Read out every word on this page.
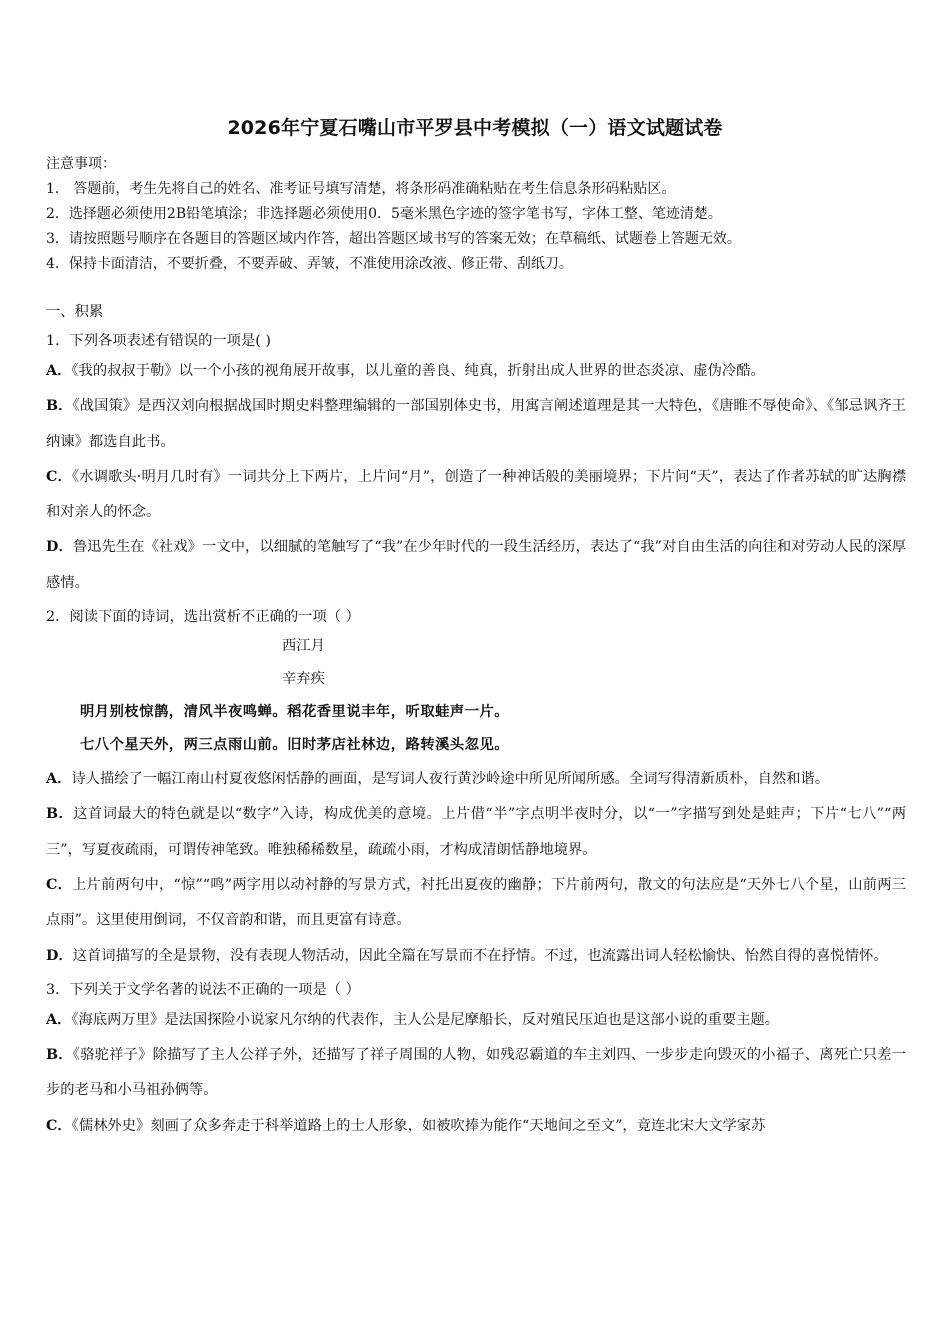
2026年宁夏石嘴山市平罗县中考模拟（一）语文试题试卷
注意事项：
1． 答题前，考生先将自己的姓名、准考证号填写清楚，将条形码准确粘贴在考生信息条形码粘贴区。
2．选择题必须使用2B铅笔填涂；非选择题必须使用0．5毫米黑色字迹的签字笔书写，字体工整、笔迹清楚。
3．请按照题号顺序在各题目的答题区域内作答，超出答题区域书写的答案无效；在草稿纸、试题卷上答题无效。
4．保持卡面清洁，不要折叠，不要弄破、弄皱，不准使用涂改液、修正带、刮纸刀。
一、积累
1．下列各项表述有错误的一项是( )
A．《我的叔叔于勒》以一个小孩的视角展开故事，以儿童的善良、纯真，折射出成人世界的世态炎凉、虚伪冷酷。
B．《战国策》是西汉刘向根据战国时期史料整理编辑的一部国别体史书，用寓言阐述道理是其一大特色，《唐睢不辱使命》、《邹忌讽齐王纳谏》都选自此书。
C．《水调歌头·明月几时有》一词共分上下两片，上片问“月”，创造了一种神话般的美丽境界；下片问“天”，表达了作者苏轼的旷达胸襟和对亲人的怀念。
D．鲁迅先生在《社戏》一文中，以细腻的笔触写了“我”在少年时代的一段生活经历，表达了“我”对自由生活的向往和对劳动人民的深厚感情。
2．阅读下面的诗词，选出赏析不正确的一项（ ）
西江月
辛弃疾
明月别枝惊鹊，清风半夜鸣蝉。稻花香里说丰年，听取蛙声一片。
七八个星天外，两三点雨山前。旧时茅店社林边，路转溪头忽见。
A．诗人描绘了一幅江南山村夏夜悠闲恬静的画面，是写词人夜行黄沙岭途中所见所闻所感。全词写得清新质朴，自然和谐。
B．这首词最大的特色就是以“数字”入诗，构成优美的意境。上片借“半”字点明半夜时分，以“一”字描写到处是蛙声；下片“七八”“两三”，写夏夜疏雨，可谓传神笔致。唯独稀稀数星，疏疏小雨，才构成清朗恬静地境界。
C．上片前两句中，“惊”“鸣”两字用以动衬静的写景方式，衬托出夏夜的幽静；下片前两句，散文的句法应是“天外七八个星，山前两三点雨”。这里使用倒词，不仅音韵和谐，而且更富有诗意。
D．这首词描写的全是景物，没有表现人物活动，因此全篇在写景而不在抒情。不过，也流露出词人轻松愉快、怡然自得的喜悦情怀。
3．下列关于文学名著的说法不正确的一项是（ ）
A．《海底两万里》是法国探险小说家凡尔纳的代表作，主人公是尼摩船长，反对殖民压迫也是这部小说的重要主题。
B．《骆驼祥子》除描写了主人公祥子外，还描写了祥子周围的人物，如残忍霸道的车主刘四、一步步走向毁灭的小福子、离死亡只差一步的老马和小马祖孙俩等。
C．《儒林外史》刻画了众多奔走于科举道路上的士人形象，如被吹捧为能作“天地间之至文”，竟连北宋大文学家苏
